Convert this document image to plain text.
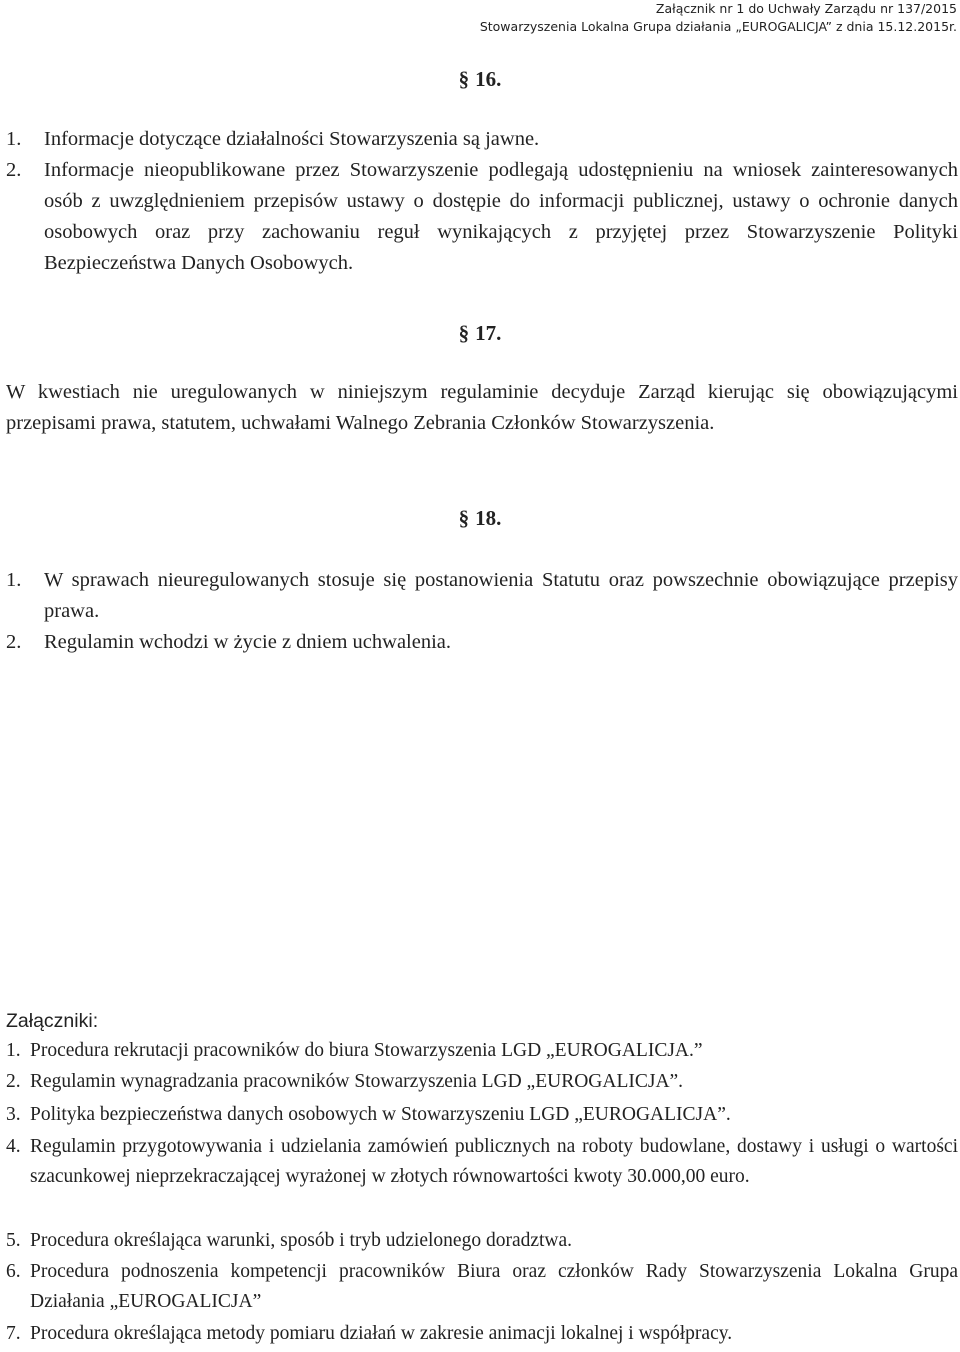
Załącznik nr 1 do Uchwały Zarządu nr 137/2015
Stowarzyszenia Lokalna Grupa działania „EUROGALICJA” z dnia 15.12.2015r.
§ 16.
1. Informacje dotyczące działalności Stowarzyszenia są jawne.
2. Informacje nieopublikowane przez Stowarzyszenie podlegają udostępnieniu na wniosek zainteresowanych osób z uwzględnieniem przepisów ustawy o dostępie do informacji publicznej, ustawy o ochronie danych osobowych oraz przy zachowaniu reguł wynikających z przyjętej przez Stowarzyszenie Polityki Bezpieczeństwa Danych Osobowych.
§ 17.
W kwestiach nie uregulowanych w niniejszym regulaminie decyduje Zarząd kierując się obowiązującymi przepisami prawa, statutem, uchwałami Walnego Zebrania Członków Stowarzyszenia.
§ 18.
1. W sprawach nieuregulowanych stosuje się postanowienia Statutu oraz powszechnie obowiązujące przepisy prawa.
2. Regulamin wchodzi w życie z dniem uchwalenia.
Załączniki:
1. Procedura rekrutacji pracowników do biura Stowarzyszenia LGD „EUROGALICJA.”
2. Regulamin wynagradzania pracowników Stowarzyszenia LGD „EUROGALICJA”.
3. Polityka bezpieczeństwa danych osobowych w Stowarzyszeniu LGD „EUROGALICJA”.
4. Regulamin przygotowywania i udzielania zamówień publicznych na roboty budowlane, dostawy i usługi o wartości szacunkowej nieprzekraczającej wyrażonej w złotych równowartości kwoty 30.000,00 euro.
5. Procedura określająca warunki, sposób i tryb udzielonego doradztwa.
6. Procedura podnoszenia kompetencji pracowników Biura oraz członków Rady Stowarzyszenia Lokalna Grupa Działania „EUROGALICJA”
7. Procedura określająca metody pomiaru działań w zakresie animacji lokalnej i współpracy.
